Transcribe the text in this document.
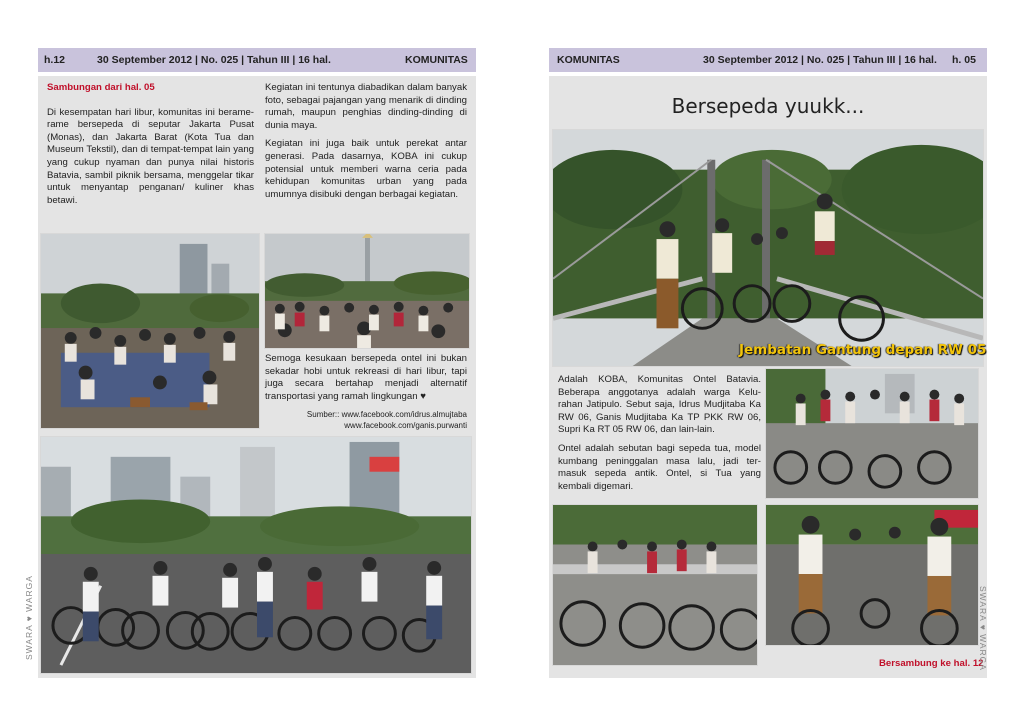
h.12	30 September 2012 | No. 025 | Tahun III | 16 hal.	KOMUNITAS

Sambungan dari hal. 05

Di kesempatan hari libur, komunitas ini berame-rame bersepeda di seputar Jakarta Pusat (Monas), dan Jakarta Barat (Kota Tua dan Museum Tekstil), dan di tempat-tempat lain yang yang cukup nyaman dan punya nilai historis Batavia, sambil piknik bersama, menggelar tikar untuk menyantap penganan/ kuliner khas betawi.

Kegiatan ini tentunya diabadikan dalam banyak foto, sebagai pajangan yang menarik di dinding rumah, maupun penghias dinding-dinding di dunia maya.

Kegiatan ini juga baik untuk perekat antar generasi. Pada dasarnya, KOBA ini cukup potensial untuk memberi warna ceria pada kehidupan komunitas urban yang pada umumnya disibuki dengan berbagai kegiatan.

Semoga kesukaan bersepeda ontel ini bukan sekadar hobi untuk rekreasi di hari libur, tapi juga secara bertahap menjadi alternatif transportasi yang ramah lingkungan ♥

Sumber:: www.facebook.com/idrus.almujtaba
www.facebook.com/ganis.purwanti
SWARA ♥ WARGA
KOMUNITAS	30 September 2012 | No. 025 | Tahun III | 16 hal. h. 05
Bersepeda yuukk...
Jembatan Gantung depan RW 05

Adalah KOBA, Komunitas Ontel Batavia. Beberapa anggotanya adalah warga Kelu-rahan Jatipulo. Sebut saja, Idrus Mudjitaba Ka RW 06, Ganis Mudjitaba Ka TP PKK RW 06, Supri Ka RT 05 RW 06, dan lain-lain.

Ontel adalah sebutan bagi sepeda tua, model kumbang peninggalan masa lalu, jadi ter-masuk sepeda antik. Ontel, si Tua yang kembali digemari.

Bersambung ke hal. 12
SWARA ♥ WARGA
